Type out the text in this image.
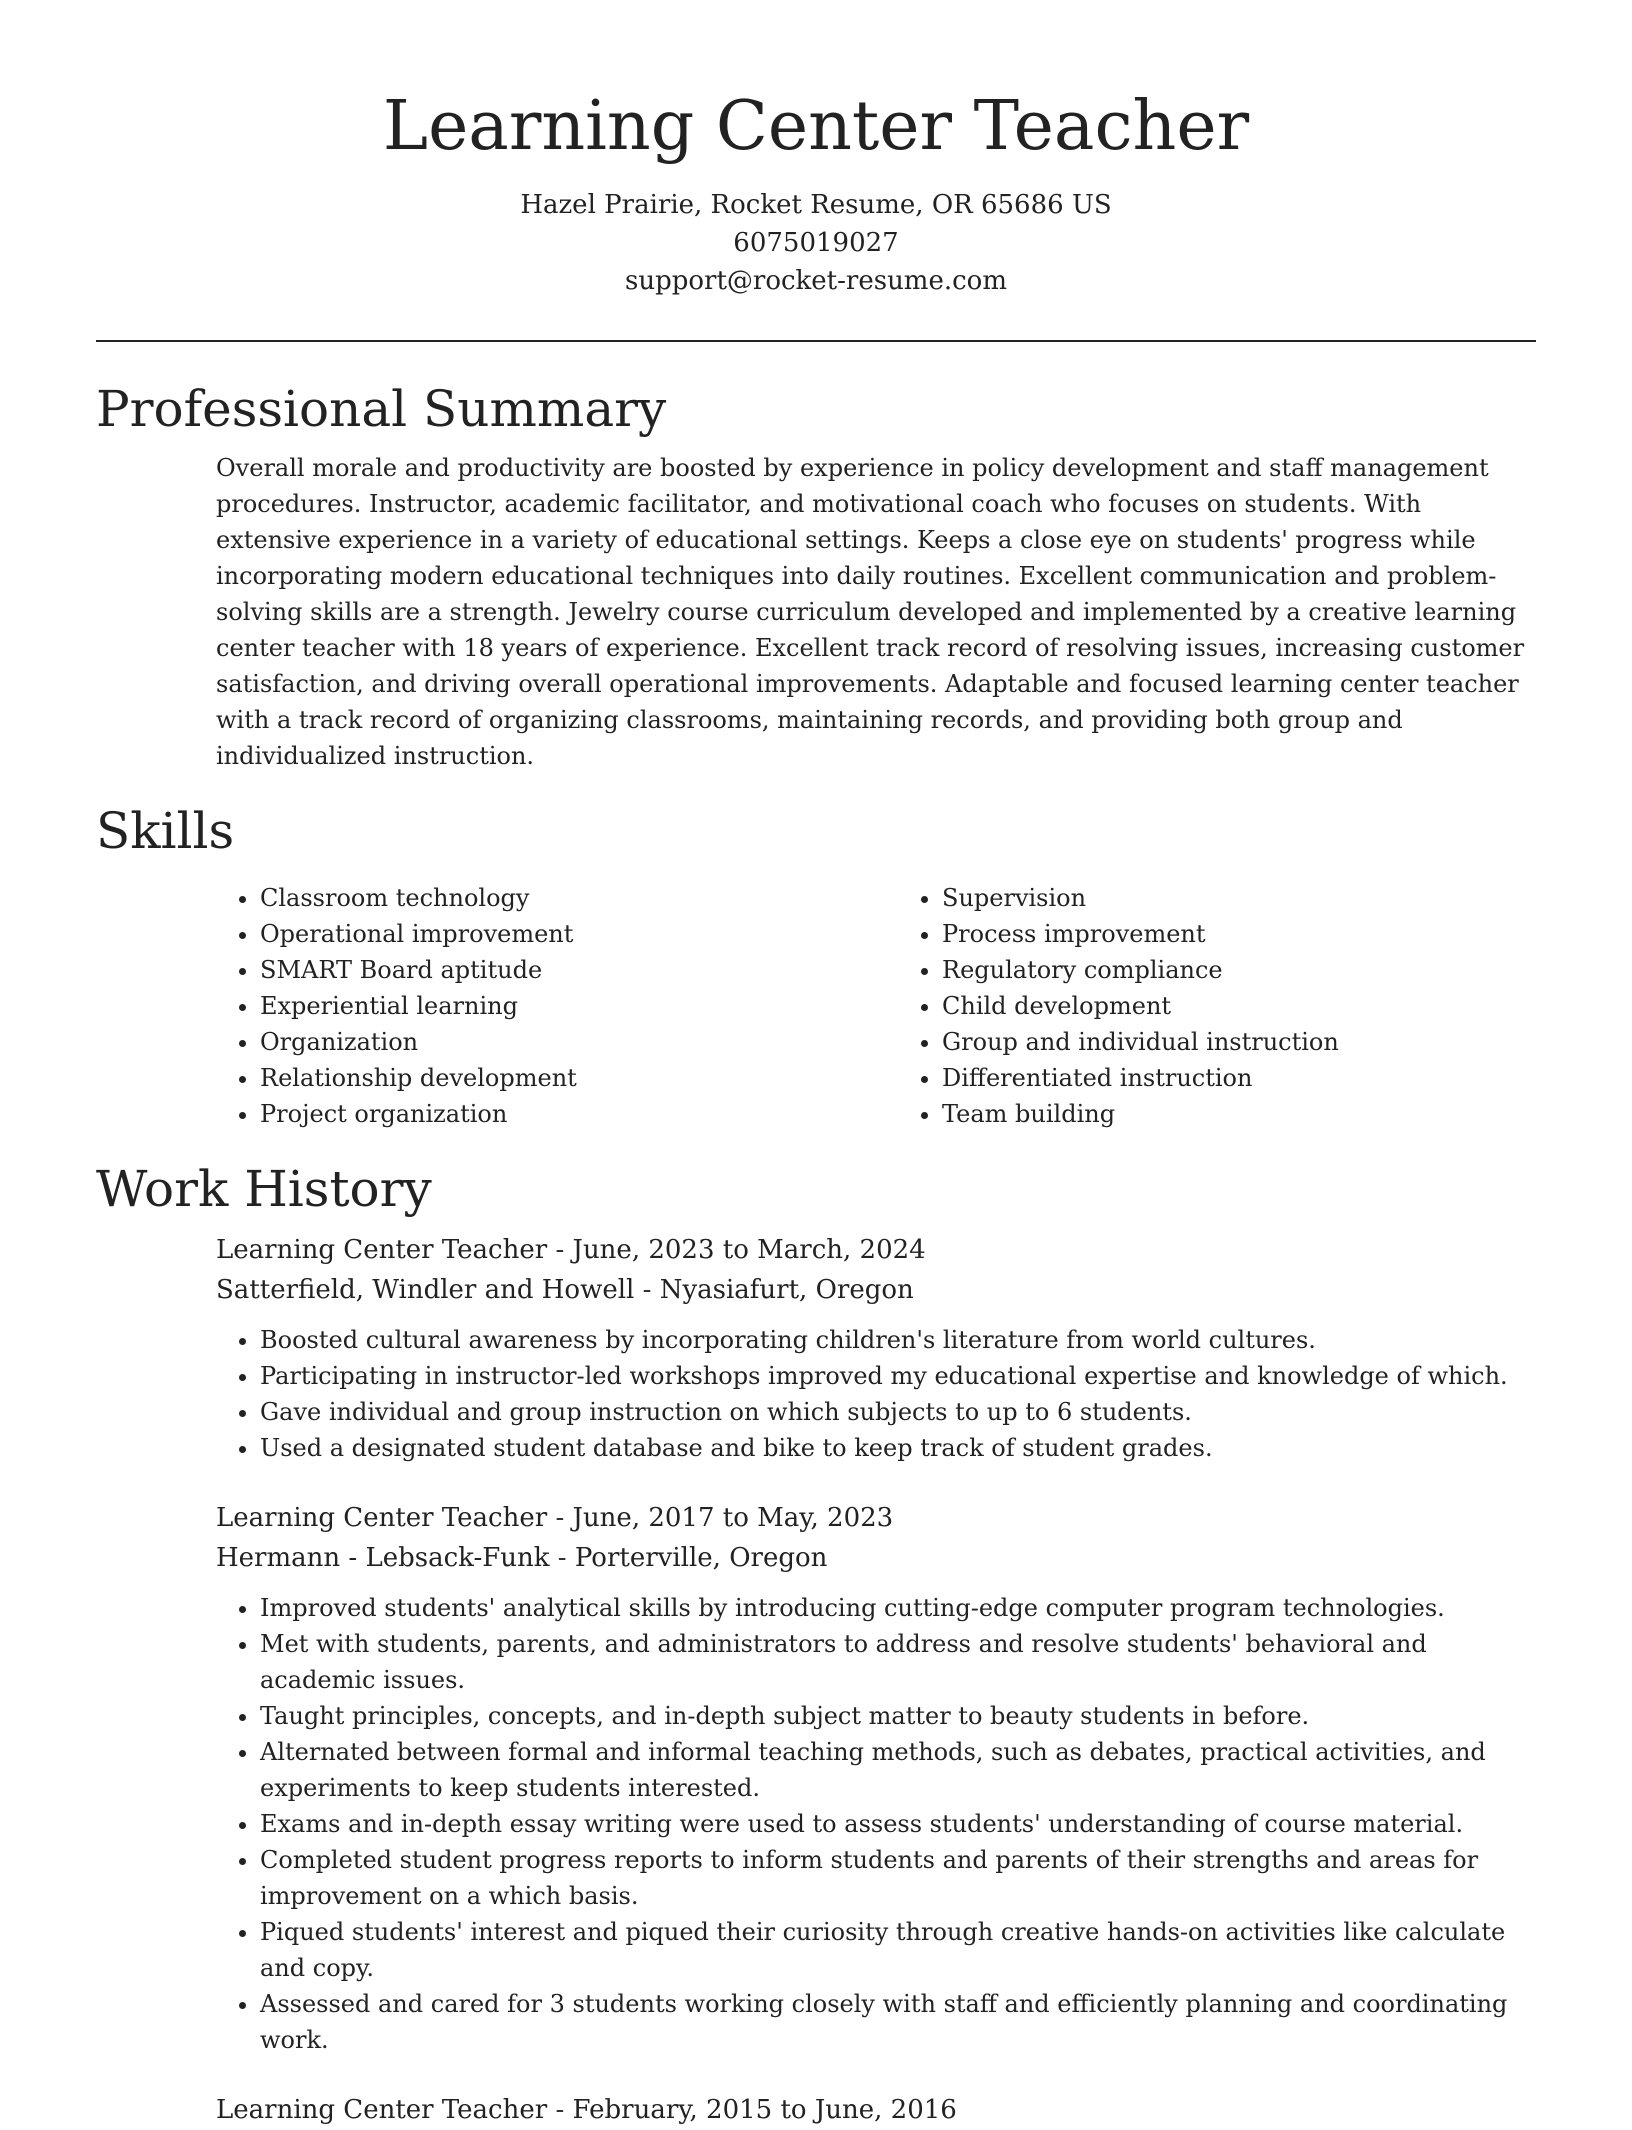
Learning Center Teacher
Hazel Prairie, Rocket Resume, OR 65686 US
6075019027
support@rocket-resume.com
Professional Summary

Overall morale and productivity are boosted by experience in policy development and staff management procedures. Instructor, academic facilitator, and motivational coach who focuses on students. With extensive experience in a variety of educational settings. Keeps a close eye on students' progress while incorporating modern educational techniques into daily routines. Excellent communication and problem-solving skills are a strength. Jewelry course curriculum developed and implemented by a creative learning center teacher with 18 years of experience. Excellent track record of resolving issues, increasing customer satisfaction, and driving overall operational improvements. Adaptable and focused learning center teacher with a track record of organizing classrooms, maintaining records, and providing both group and individualized instruction.

Skills
• Classroom technology
• Operational improvement
• SMART Board aptitude
• Experiential learning
• Organization
• Relationship development
• Project organization
• Supervision
• Process improvement
• Regulatory compliance
• Child development
• Group and individual instruction
• Differentiated instruction
• Team building
Work History
Learning Center Teacher - June, 2023 to March, 2024
Satterfield, Windler and Howell - Nyasiafurt, Oregon
• Boosted cultural awareness by incorporating children's literature from world cultures.
• Participating in instructor-led workshops improved my educational expertise and knowledge of which.
• Gave individual and group instruction on which subjects to up to 6 students.
• Used a designated student database and bike to keep track of student grades.
Learning Center Teacher - June, 2017 to May, 2023
Hermann - Lebsack-Funk - Porterville, Oregon
• Improved students' analytical skills by introducing cutting-edge computer program technologies.
• Met with students, parents, and administrators to address and resolve students' behavioral and academic issues.
• Taught principles, concepts, and in-depth subject matter to beauty students in before.
• Alternated between formal and informal teaching methods, such as debates, practical activities, and experiments to keep students interested.
• Exams and in-depth essay writing were used to assess students' understanding of course material.
• Completed student progress reports to inform students and parents of their strengths and areas for improvement on a which basis.
• Piqued students' interest and piqued their curiosity through creative hands-on activities like calculate and copy.
• Assessed and cared for 3 students working closely with staff and efficiently planning and coordinating work.
Learning Center Teacher - February, 2015 to June, 2016
